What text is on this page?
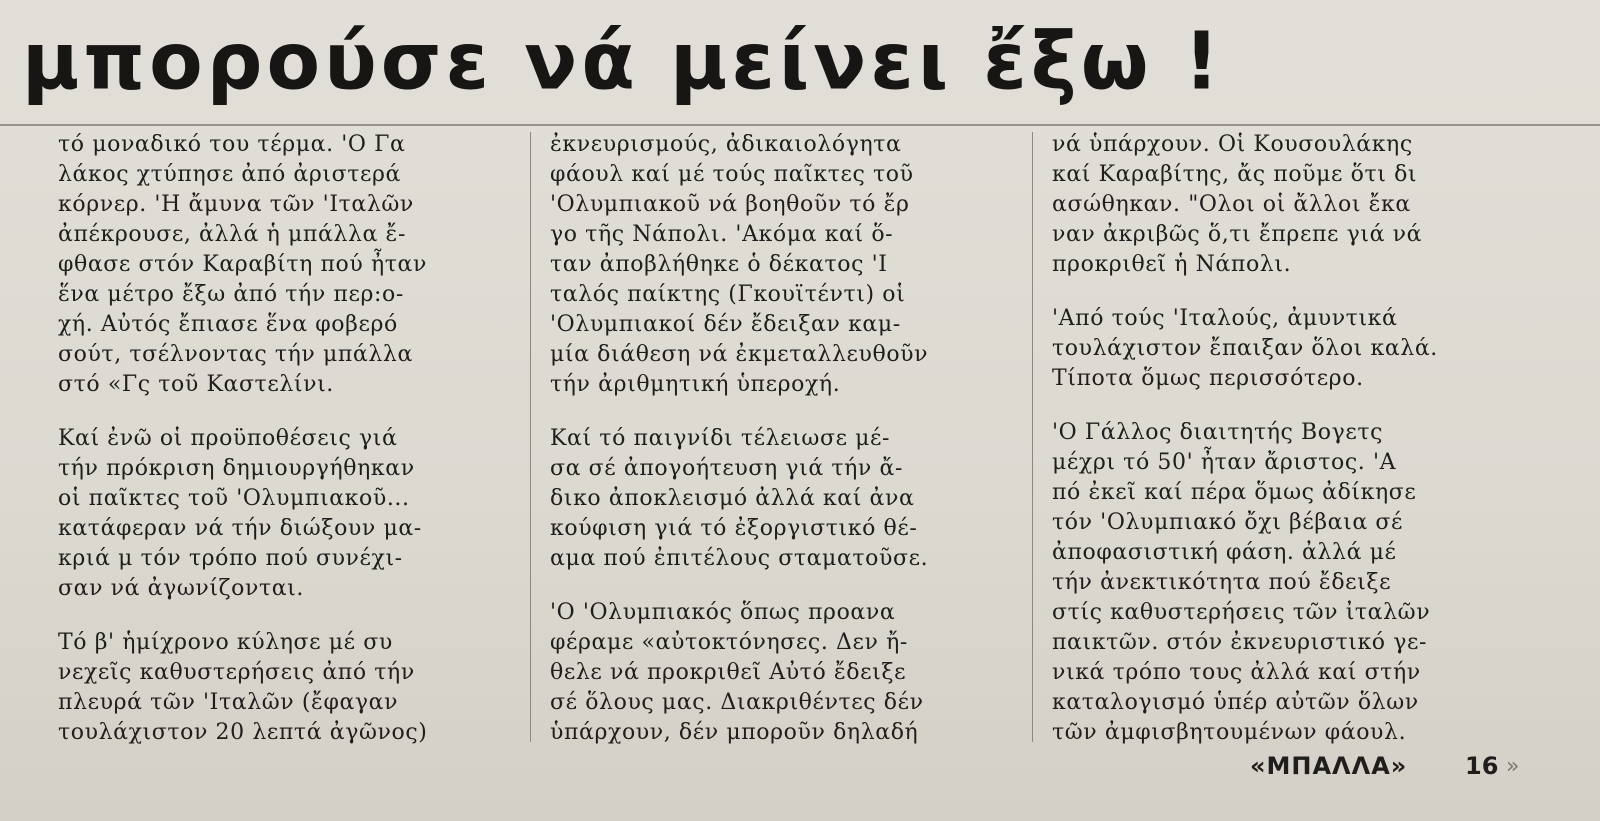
μπορούσε νά μείνει ἔξω !
τό μοναδικό του τέρμα. 'Ο Γα
λάκος χτύπησε ἀπό ἀριστερά
κόρνερ. 'Η ἄμυνα τῶν 'Ιταλῶν
ἀπέκρουσε, ἀλλά ἡ μπάλλα ἔ-
φθασε στόν Καραβίτη πού ἦταν
ἕνα μέτρο ἔξω ἀπό τήν περ:ο-
χή. Αὐτός ἔπιασε ἕνα φοβερό
σούτ, τσέλνοντας τήν μπάλλα
στό «Γς τοῦ Καστελίνι.
Καί ἐνῶ οἱ προϋποθέσεις γιά
τήν πρόκριση δημιουργήθηκαν
οἱ παῖκτες τοῦ 'Ολυμπιακοῦ...
κατάφεραν νά τήν διώξουν μα-
κριά μ τόν τρόπο πού συνέχι-
σαν νά ἀγωνίζονται.
Τό β' ἡμίχρονο κύλησε μέ συ
νεχεῖς καθυστερήσεις ἀπό τήν
πλευρά τῶν 'Ιταλῶν (ἔφαγαν
τουλάχιστον 20 λεπτά ἀγῶνος)
ἐκνευρισμούς, ἀδικαιολόγητα
φάουλ καί μέ τούς παῖκτες τοῦ
'Ολυμπιακοῦ νά βοηθοῦν τό ἔρ
γο τῆς Νάπολι. 'Ακόμα καί ὅ-
ταν ἀποβλήθηκε ὁ δέκατος 'Ι
ταλός παίκτης (Γκουϊτέντι) οἱ
'Ολυμπιακοί δέν ἔδειξαν καμ-
μία διάθεση νά ἐκμεταλλευθοῦν
τήν ἀριθμητική ὑπεροχή.
Καί τό παιγνίδι τέλειωσε μέ-
σα σέ ἀπογοήτευση γιά τήν ἄ-
δικο ἀποκλεισμό ἀλλά καί ἀνα
κούφιση γιά τό ἐξοργιστικό θέ-
αμα πού ἐπιτέλους σταματοῦσε.
'Ο 'Ολυμπιακός ὅπως προανα
φέραμε «αὐτοκτόνησες. Δεν ἤ-
θελε νά προκριθεῖ Αὐτό ἔδειξε
σέ ὅλους μας. Διακριθέντες δέν
ὑπάρχουν, δέν μποροῦν δηλαδή
νά ὑπάρχουν. Οἱ Κουσουλάκης
καί Καραβίτης, ἄς ποῦμε ὅτι δι
ασώθηκαν. "Ολοι οἱ ἄλλοι ἔκα
ναν ἀκριβῶς ὅ,τι ἔπρεπε γιά νά
προκριθεῖ ἡ Νάπολι.
'Από τούς 'Ιταλούς, ἀμυντικά
τουλάχιστον ἔπαιξαν ὅλοι καλά.
Τίποτα ὅμως περισσότερο.
'Ο Γάλλος διαιτητής Βογετς
μέχρι τό 50' ἦταν ἄριστος. 'Α
πό ἐκεῖ καί πέρα ὅμως ἀδίκησε
τόν 'Ολυμπιακό ὄχι βέβαια σέ
ἀποφασιστική φάση. ἀλλά μέ
τήν ἀνεκτικότητα πού ἔδειξε
στίς καθυστερήσεις τῶν ἰταλῶν
παικτῶν. στόν ἐκνευριστικό γε-
νικά τρόπο τους ἀλλά καί στήν
καταλογισμό ὑπέρ αὐτῶν ὅλων
τῶν ἀμφισβητουμένων φάουλ.
«ΜΠΑΛΛΑ» 16 »
